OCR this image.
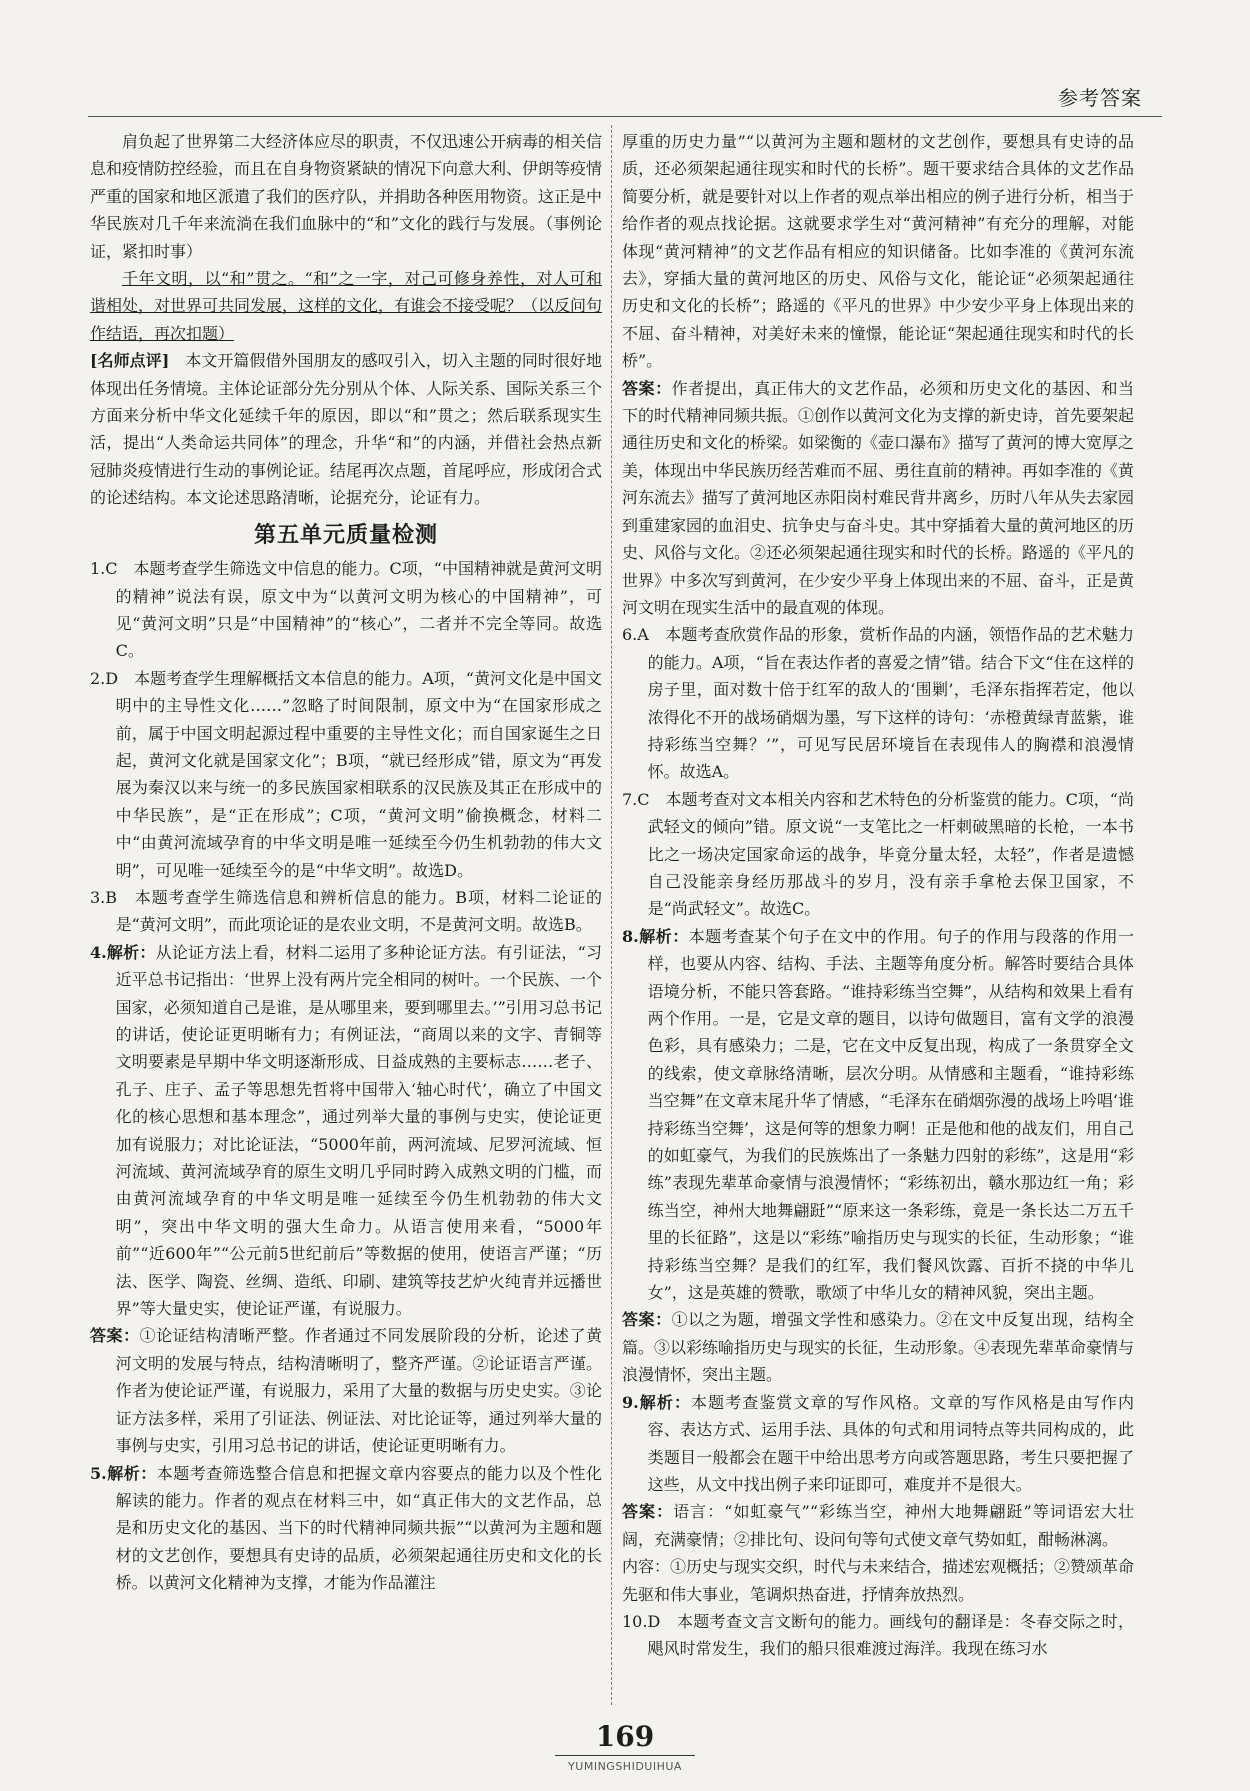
参考答案

肩负起了世界第二大经济体应尽的职责，不仅迅速公开病毒的相关信息和疫情防控经验，而且在自身物资紧缺的情况下向意大利、伊朗等疫情严重的国家和地区派遣了我们的医疗队，并捐助各种医用物资。这正是中华民族对几千年来流淌在我们血脉中的“和”文化的践行与发展。（事例论证，紧扣时事）

千年文明，以“和”贯之。“和”之一字，对己可修身养性，对人可和谐相处，对世界可共同发展，这样的文化，有谁会不接受呢？（以反问句作结语，再次扣题）

[名师点评]　 本文开篇假借外国朋友的感叹引入，切入主题的同时很好地体现出任务情境。主体论证部分先分别从个体、人际关系、国际关系三个方面来分析中华文化延续千年的原因，即以“和”贯之；然后联系现实生活，提出“人类命运共同体”的理念，升华“和”的内涵，并借社会热点新冠肺炎疫情进行生动的事例论证。结尾再次点题，首尾呼应，形成闭合式的论述结构。本文论述思路清晰，论据充分，论证有力。

第五单元质量检测

1.C　本题考查学生筛选文中信息的能力。C项，“中国精神就是黄河文明的精神”说法有误，原文中为“以黄河文明为核心的中国精神”，可见“黄河文明”只是“中国精神”的“核心”，二者并不完全等同。故选C。

2.D　本题考查学生理解概括文本信息的能力。A项，“黄河文化是中国文明中的主导性文化……”忽略了时间限制，原文中为“在国家形成之前，属于中国文明起源过程中重要的主导性文化；而自国家诞生之日起，黄河文化就是国家文化”；B项，“就已经形成”错，原文为“再发展为秦汉以来与统一的多民族国家相联系的汉民族及其正在形成中的中华民族”，是“正在形成”；C项，“黄河文明”偷换概念，材料二中“由黄河流域孕育的中华文明是唯一延续至今仍生机勃勃的伟大文明”，可见唯一延续至今的是“中华文明”。故选D。

3.B　本题考查学生筛选信息和辨析信息的能力。B项，材料二论证的是“黄河文明”，而此项论证的是农业文明，不是黄河文明。故选B。

4.解析：从论证方法上看，材料二运用了多种论证方法。有引证法，“习近平总书记指出：‘世界上没有两片完全相同的树叶。一个民族、一个国家，必须知道自己是谁，是从哪里来，要到哪里去。’”引用习总书记的讲话，使论证更明晰有力；有例证法，“商周以来的文字、青铜等文明要素是早期中华文明逐渐形成、日益成熟的主要标志……老子、孔子、庄子、孟子等思想先哲将中国带入‘轴心时代’，确立了中国文化的核心思想和基本理念”，通过列举大量的事例与史实，使论证更加有说服力；对比论证法，“5000年前，两河流域、尼罗河流域、恒河流域、黄河流域孕育的原生文明几乎同时跨入成熟文明的门槛，而由黄河流域孕育的中华文明是唯一延续至今仍生机勃勃的伟大文明”，突出中华文明的强大生命力。从语言使用来看，“5000年前”“近600年”“公元前5世纪前后”等数据的使用，使语言严谨；“历法、医学、陶瓷、丝绸、造纸、印刷、建筑等技艺炉火纯青并远播世界”等大量史实，使论证严谨，有说服力。

答案：①论证结构清晰严整。作者通过不同发展阶段的分析，论述了黄河文明的发展与特点，结构清晰明了，整齐严谨。②论证语言严谨。作者为使论证严谨，有说服力，采用了大量的数据与历史史实。③论证方法多样，采用了引证法、例证法、对比论证等，通过列举大量的事例与史实，引用习总书记的讲话，使论证更明晰有力。

5.解析：本题考查筛选整合信息和把握文章内容要点的能力以及个性化解读的能力。作者的观点在材料三中，如“真正伟大的文艺作品，总是和历史文化的基因、当下的时代精神同频共振”“以黄河为主题和题材的文艺创作，要想具有史诗的品质，必须架起通往历史和文化的长桥。以黄河文化精神为支撑，才能为作品灌注

厚重的历史力量”“以黄河为主题和题材的文艺创作，要想具有史诗的品质，还必须架起通往现实和时代的长桥”。题干要求结合具体的文艺作品简要分析，就是要针对以上作者的观点举出相应的例子进行分析，相当于给作者的观点找论据。这就要求学生对“黄河精神”有充分的理解，对能体现“黄河精神”的文艺作品有相应的知识储备。比如李准的《黄河东流去》，穿插大量的黄河地区的历史、风俗与文化，能论证“必须架起通往历史和文化的长桥”；路遥的《平凡的世界》中少安少平身上体现出来的不屈、奋斗精神，对美好未来的憧憬，能论证“架起通往现实和时代的长桥”。

答案：作者提出，真正伟大的文艺作品，必须和历史文化的基因、和当下的时代精神同频共振。①创作以黄河文化为支撑的新史诗，首先要架起通往历史和文化的桥梁。如梁衡的《壶口瀑布》描写了黄河的博大宽厚之美，体现出中华民族历经苦难而不屈、勇往直前的精神。再如李准的《黄河东流去》描写了黄河地区赤阳岗村难民背井离乡，历时八年从失去家园到重建家园的血泪史、抗争史与奋斗史。其中穿插着大量的黄河地区的历史、风俗与文化。②还必须架起通往现实和时代的长桥。路遥的《平凡的世界》中多次写到黄河，在少安少平身上体现出来的不屈、奋斗，正是黄河文明在现实生活中的最直观的体现。

6.A　本题考查欣赏作品的形象，赏析作品的内涵，领悟作品的艺术魅力的能力。A项，“旨在表达作者的喜爱之情”错。结合下文“住在这样的房子里，面对数十倍于红军的敌人的‘围剿’，毛泽东指挥若定，他以浓得化不开的战场硝烟为墨，写下这样的诗句：‘赤橙黄绿青蓝紫，谁持彩练当空舞？’”，可见写民居环境旨在表现伟人的胸襟和浪漫情怀。故选A。

7.C　本题考查对文本相关内容和艺术特色的分析鉴赏的能力。C项，“尚武轻文的倾向”错。原文说“一支笔比之一杆刺破黑暗的长枪，一本书比之一场决定国家命运的战争，毕竟分量太轻，太轻”，作者是遗憾自己没能亲身经历那战斗的岁月，没有亲手拿枪去保卫国家，不是“尚武轻文”。故选C。

8.解析：本题考查某个句子在文中的作用。句子的作用与段落的作用一样，也要从内容、结构、手法、主题等角度分析。解答时要结合具体语境分析，不能只答套路。“谁持彩练当空舞”，从结构和效果上看有两个作用。一是，它是文章的题目，以诗句做题目，富有文学的浪漫色彩，具有感染力；二是，它在文中反复出现，构成了一条贯穿全文的线索，使文章脉络清晰，层次分明。从情感和主题看，“谁持彩练当空舞”在文章末尾升华了情感，“毛泽东在硝烟弥漫的战场上吟唱‘谁持彩练当空舞’，这是何等的想象力啊！正是他和他的战友们，用自己的如虹豪气，为我们的民族炼出了一条魅力四射的彩练”，这是用“彩练”表现先辈革命豪情与浪漫情怀；“彩练初出，赣水那边红一角；彩练当空，神州大地舞翩跹”“原来这一条彩练，竟是一条长达二万五千里的长征路”，这是以“彩练”喻指历史与现实的长征，生动形象；“谁持彩练当空舞？是我们的红军，我们餐风饮露、百折不挠的中华儿女”，这是英雄的赞歌，歌颂了中华儿女的精神风貌，突出主题。

答案：①以之为题，增强文学性和感染力。②在文中反复出现，结构全篇。③以彩练喻指历史与现实的长征，生动形象。④表现先辈革命豪情与浪漫情怀，突出主题。

9.解析：本题考查鉴赏文章的写作风格。文章的写作风格是由写作内容、表达方式、运用手法、具体的句式和用词特点等共同构成的，此类题目一般都会在题干中给出思考方向或答题思路，考生只要把握了这些，从文中找出例子来印证即可，难度并不是很大。

答案：语言：“如虹豪气”“彩练当空，神州大地舞翩跹”等词语宏大壮阔，充满豪情；②排比句、设问句等句式使文章气势如虹，酣畅淋漓。

内容：①历史与现实交织，时代与未来结合，描述宏观概括；②赞颂革命先驱和伟大事业，笔调炽热奋进，抒情奔放热烈。

10.D　本题考查文言文断句的能力。画线句的翻译是：冬春交际之时，飓风时常发生，我们的船只很难渡过海洋。我现在练习水

169
YUMINGSHIDUIHUA
